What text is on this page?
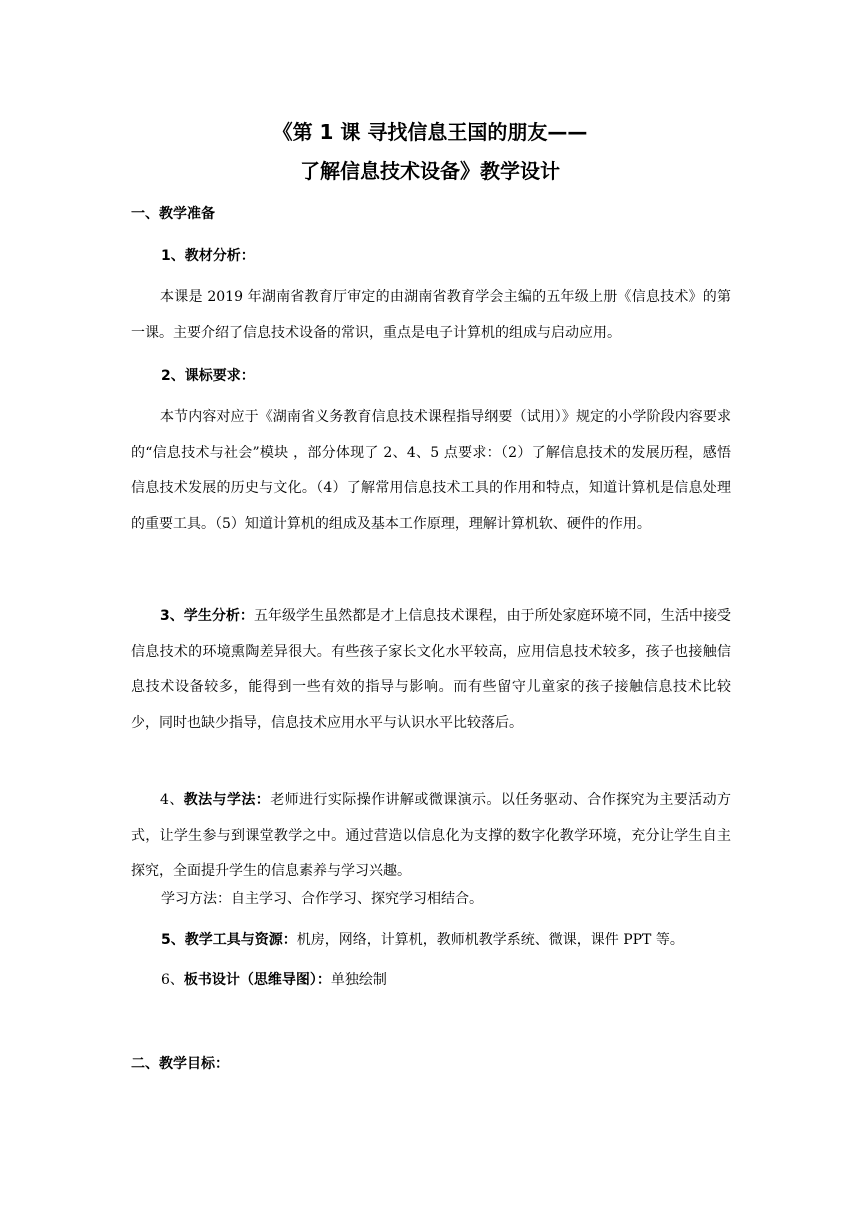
《第 1 课 寻找信息王国的朋友——
了解信息技术设备》教学设计
一、教学准备
1、教材分析：

本课是 2019 年湖南省教育厅审定的由湖南省教育学会主编的五年级上册《信息技术》的第一课。主要介绍了信息技术设备的常识，重点是电子计算机的组成与启动应用。

2、课标要求：

本节内容对应于《湖南省义务教育信息技术课程指导纲要（试用）》规定的小学阶段内容要求的“信息技术与社会”模块 ，部分体现了 2、4、5 点要求：（2）了解信息技术的发展历程，感悟信息技术发展的历史与文化。（4）了解常用信息技术工具的作用和特点，知道计算机是信息处理的重要工具。（5）知道计算机的组成及基本工作原理，理解计算机软、硬件的作用。

3、学生分析：五年级学生虽然都是才上信息技术课程，由于所处家庭环境不同，生活中接受信息技术的环境熏陶差异很大。有些孩子家长文化水平较高，应用信息技术较多，孩子也接触信息技术设备较多，能得到一些有效的指导与影响。而有些留守儿童家的孩子接触信息技术比较少，同时也缺少指导，信息技术应用水平与认识水平比较落后。

4、教法与学法：老师进行实际操作讲解或微课演示。以任务驱动、合作探究为主要活动方式，让学生参与到课堂教学之中。通过营造以信息化为支撑的数字化教学环境，充分让学生自主探究，全面提升学生的信息素养与学习兴趣。

学习方法：自主学习、合作学习、探究学习相结合。
5、教学工具与资源：机房，网络，计算机，教师机教学系统、微课，课件 PPT 等。
6、板书设计（思维导图）：单独绘制
二、教学目标：
